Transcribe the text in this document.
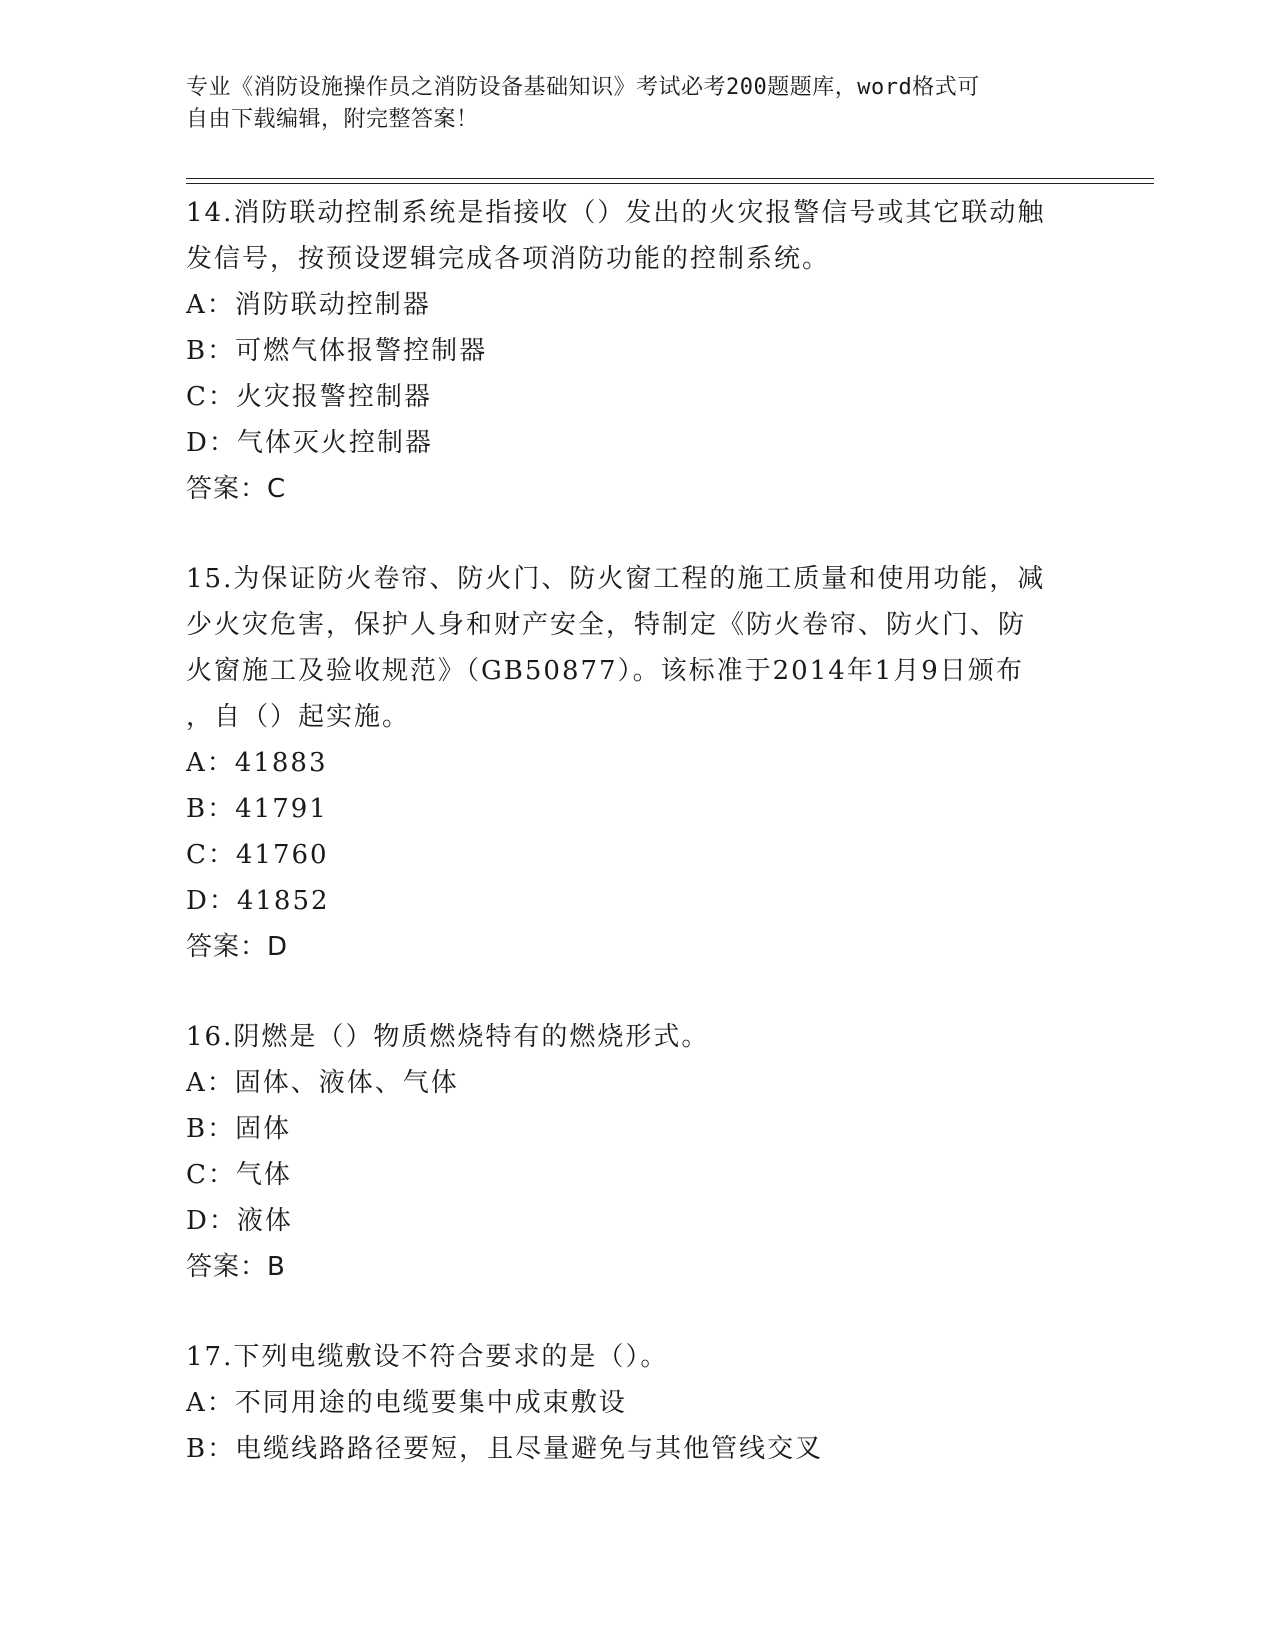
专业《消防设施操作员之消防设备基础知识》考试必考200题题库，word格式可
自由下载编辑，附完整答案！
14.消防联动控制系统是指接收（）发出的火灾报警信号或其它联动触
发信号，按预设逻辑完成各项消防功能的控制系统。
A：消防联动控制器
B：可燃气体报警控制器
C：火灾报警控制器
D：气体灭火控制器
答案：C
15.为保证防火卷帘、防火门、防火窗工程的施工质量和使用功能，减
少火灾危害，保护人身和财产安全，特制定《防火卷帘、防火门、防
火窗施工及验收规范》（GB50877）。该标准于2014年1月9日颁布
，自（）起实施。
A：41883
B：41791
C：41760
D：41852
答案：D
16.阴燃是（）物质燃烧特有的燃烧形式。
A：固体、液体、气体
B：固体
C：气体
D：液体
答案：B
17.下列电缆敷设不符合要求的是（）。
A：不同用途的电缆要集中成束敷设
B：电缆线路路径要短，且尽量避免与其他管线交叉
